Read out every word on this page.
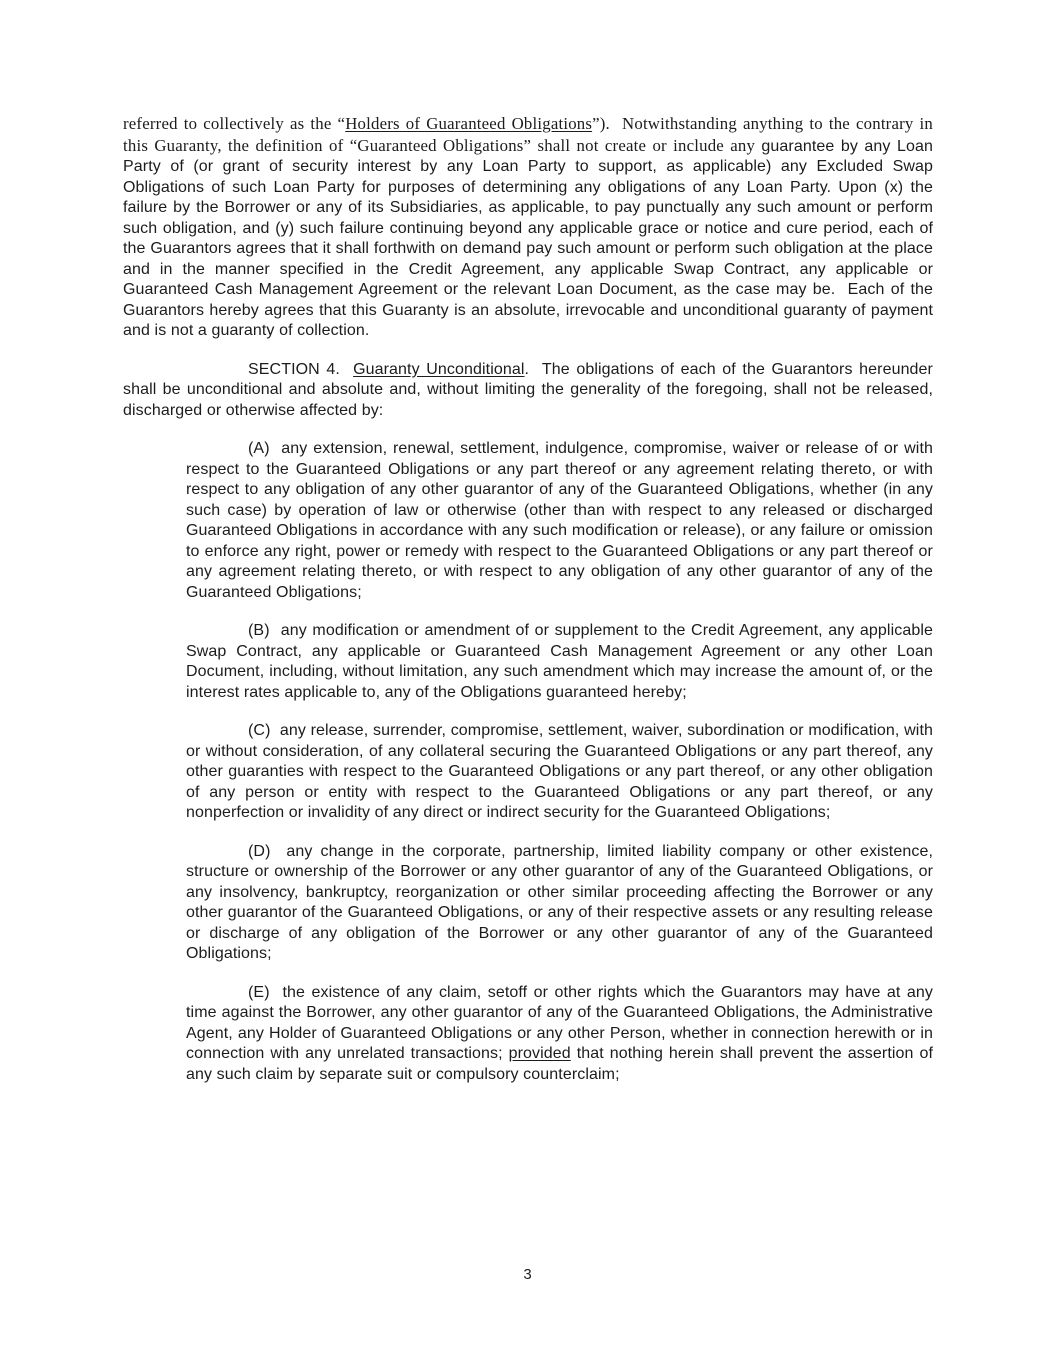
referred to collectively as the “Holders of Guaranteed Obligations”).  Notwithstanding anything to the contrary in this Guaranty, the definition of “Guaranteed Obligations” shall not create or include any guarantee by any Loan Party of (or grant of security interest by any Loan Party to support, as applicable) any Excluded Swap Obligations of such Loan Party for purposes of determining any obligations of any Loan Party. Upon (x) the failure by the Borrower or any of its Subsidiaries, as applicable, to pay punctually any such amount or perform such obligation, and (y) such failure continuing beyond any applicable grace or notice and cure period, each of the Guarantors agrees that it shall forthwith on demand pay such amount or perform such obligation at the place and in the manner specified in the Credit Agreement, any applicable Swap Contract, any applicable or Guaranteed Cash Management Agreement or the relevant Loan Document, as the case may be.  Each of the Guarantors hereby agrees that this Guaranty is an absolute, irrevocable and unconditional guaranty of payment and is not a guaranty of collection.

SECTION 4.  Guaranty Unconditional.  The obligations of each of the Guarantors hereunder shall be unconditional and absolute and, without limiting the generality of the foregoing, shall not be released, discharged or otherwise affected by:

(A)  any extension, renewal, settlement, indulgence, compromise, waiver or release of or with respect to the Guaranteed Obligations or any part thereof or any agreement relating thereto, or with respect to any obligation of any other guarantor of any of the Guaranteed Obligations, whether (in any such case) by operation of law or otherwise (other than with respect to any released or discharged Guaranteed Obligations in accordance with any such modification or release), or any failure or omission to enforce any right, power or remedy with respect to the Guaranteed Obligations or any part thereof or any agreement relating thereto, or with respect to any obligation of any other guarantor of any of the Guaranteed Obligations;

(B)  any modification or amendment of or supplement to the Credit Agreement, any applicable Swap Contract, any applicable or Guaranteed Cash Management Agreement or any other Loan Document, including, without limitation, any such amendment which may increase the amount of, or the interest rates applicable to, any of the Obligations guaranteed hereby;

(C)  any release, surrender, compromise, settlement, waiver, subordination or modification, with or without consideration, of any collateral securing the Guaranteed Obligations or any part thereof, any other guaranties with respect to the Guaranteed Obligations or any part thereof, or any other obligation of any person or entity with respect to the Guaranteed Obligations or any part thereof, or any nonperfection or invalidity of any direct or indirect security for the Guaranteed Obligations;

(D)  any change in the corporate, partnership, limited liability company or other existence, structure or ownership of the Borrower or any other guarantor of any of the Guaranteed Obligations, or any insolvency, bankruptcy, reorganization or other similar proceeding affecting the Borrower or any other guarantor of the Guaranteed Obligations, or any of their respective assets or any resulting release or discharge of any obligation of the Borrower or any other guarantor of any of the Guaranteed Obligations;

(E)  the existence of any claim, setoff or other rights which the Guarantors may have at any time against the Borrower, any other guarantor of any of the Guaranteed Obligations, the Administrative Agent, any Holder of Guaranteed Obligations or any other Person, whether in connection herewith or in connection with any unrelated transactions; provided that nothing herein shall prevent the assertion of any such claim by separate suit or compulsory counterclaim;

3
